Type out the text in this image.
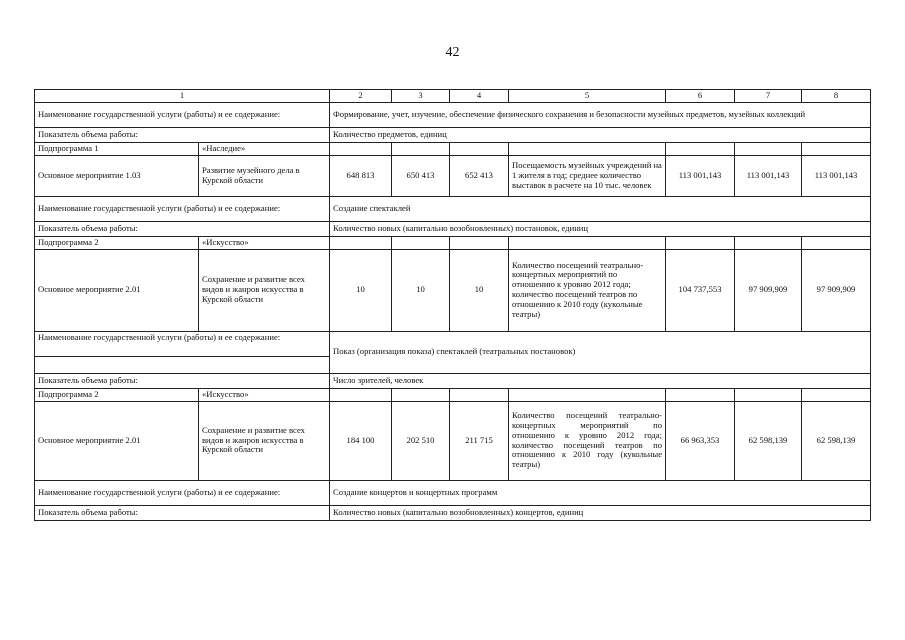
42
1		2	3	4	5	6	7	8
Наименование государственной услуги (работы) и ее содержание:		Формирование, учет, изучение, обеспечение физического сохранения и безопасности музейных предметов, музейных коллекций						
Показатель объема работы:		Количество предметов, единиц						
Подпрограмма 1	«Наследие»							
Основное мероприятие 1.03	Развитие музейного дела в Курской области	648 813	650 413	652 413	Посещаемость музейных учреждений на 1 жителя в год; среднее количество выставок в расчете на 10 тыс. человек	113 001,143	113 001,143	113 001,143
Наименование государственной услуги (работы) и ее содержание:		Создание спектаклей						
Показатель объема работы:		Количество новых (капитально возобновленных) постановок, единиц						
Подпрограмма 2	«Искусство»							
Основное мероприятие 2.01	Сохранение и развитие всех видов и жанров искусства в Курской области	10	10	10	Количество посещений театрально-концертных мероприятий по отношению к уровню 2012 года; количество посещений театров по отношению к 2010 году (кукольные театры)	104 737,553	97 909,909	97 909,909
Наименование государственной услуги (работы) и ее содержание:		Показ (организация показа) спектаклей (театральных постановок)						

Показатель объема работы:		Число зрителей, человек						
Подпрограмма 2	«Искусство»							
Основное мероприятие 2.01	Сохранение и развитие всех видов и жанров искусства в Курской области	184 100	202 510	211 715	Количество посещений театрально-концертных мероприятий по отношению к уровню 2012 года; количество посещений театров по отношению к 2010 году (кукольные театры)	66 963,353	62 598,139	62 598,139
Наименование государственной услуги (работы) и ее содержание:		Создание концертов и концертных программ						
Показатель объема работы:		Количество новых (капитально возобновленных) концертов, единиц						
